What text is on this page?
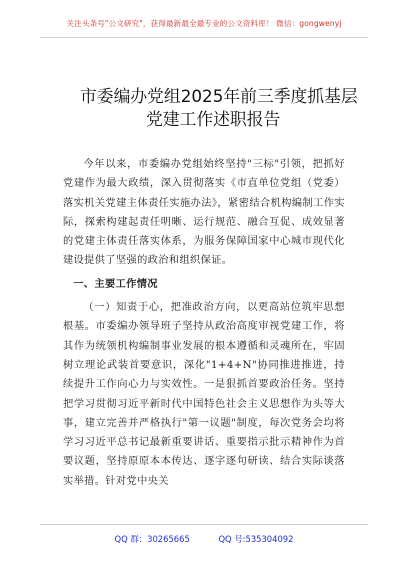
关注头条号"公文研究"，获得最新最全最专业的公文资料库！ 微信：gongwenyj
市委编办党组2025年前三季度抓基层
党建工作述职报告

今年以来，市委编办党组始终坚持"三标"引领，把抓好党建作为最大政绩，深入贯彻落实《市直单位党组（党委）落实机关党建主体责任实施办法》，紧密结合机构编制工作实际，探索构建起责任明晰、运行规范、融合互促、成效显著的党建主体责任落实体系，为服务保障国家中心城市现代化建设提供了坚强的政治和组织保证。

一、主要工作情况

（一）知责于心，把准政治方向，以更高站位筑牢思想根基。市委编办领导班子坚持从政治高度审视党建工作，将其作为统领机构编制事业发展的根本遵循和灵魂所在，牢固树立理论武装首要意识，深化"1+4+N"协同推进推进，持续提升工作向心力与实效性。一是狠抓首要政治任务。坚持把学习贯彻习近平新时代中国特色社会主义思想作为头等大事，建立完善并严格执行"第一议题"制度，每次党务会均将学习习近平总书记最新重要讲话、重要指示批示精神作为首要议题，坚持原原本本传达、逐字逐句研读、结合实际谈落实举措。针对党中央关

QQ 群：30265665	QQ 号:535304092
